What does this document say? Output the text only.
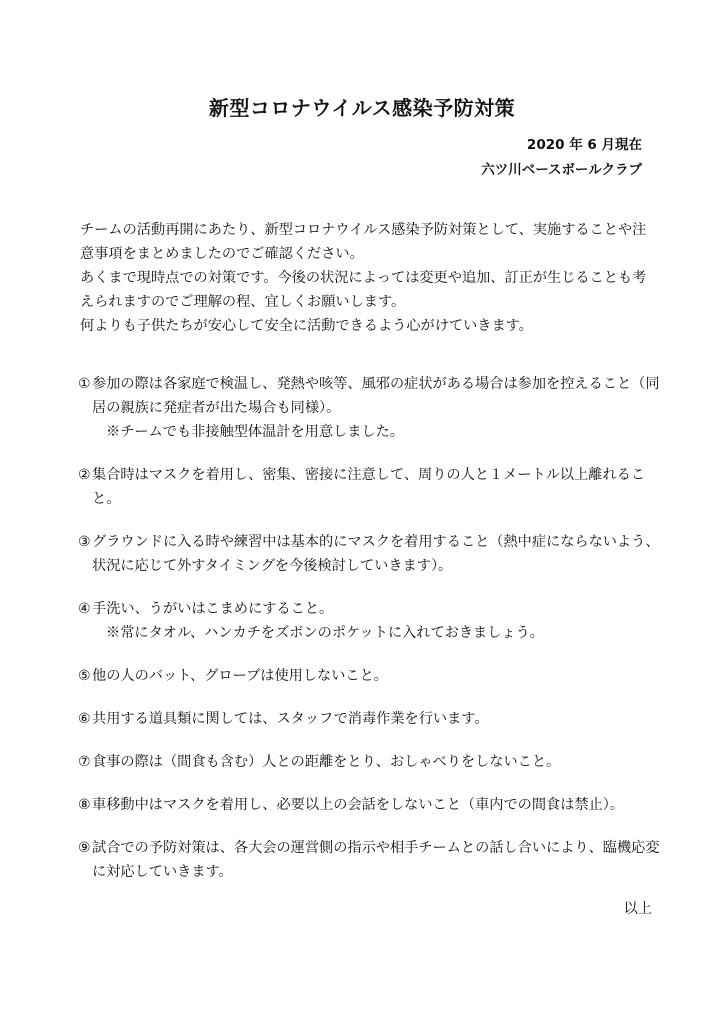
新型コロナウイルス感染予防対策
2020 年 6 月現在
六ツ川ベースボールクラブ

チームの活動再開にあたり、新型コロナウイルス感染予防対策として、実施することや注意事項をまとめましたのでご確認ください。

あくまで現時点での対策です。今後の状況によっては変更や追加、訂正が生じることも考えられますのでご理解の程、宜しくお願いします。

何よりも子供たちが安心して安全に活動できるよう心がけていきます。

①参加の際は各家庭で検温し、発熱や咳等、風邪の症状がある場合は参加を控えること（同居の親族に発症者が出た場合も同様）。
※チームでも非接触型体温計を用意しました。
②集合時はマスクを着用し、密集、密接に注意して、周りの人と１メートル以上離れること。
③グラウンドに入る時や練習中は基本的にマスクを着用すること（熱中症にならないよう、状況に応じて外すタイミングを今後検討していきます）。
④手洗い、うがいはこまめにすること。
※常にタオル、ハンカチをズボンのポケットに入れておきましょう。
⑤他の人のバット、グローブは使用しないこと。
⑥共用する道具類に関しては、スタッフで消毒作業を行います。
⑦食事の際は（間食も含む）人との距離をとり、おしゃべりをしないこと。
⑧車移動中はマスクを着用し、必要以上の会話をしないこと（車内での間食は禁止）。
⑨試合での予防対策は、各大会の運営側の指示や相手チームとの話し合いにより、臨機応変に対応していきます。
以上
